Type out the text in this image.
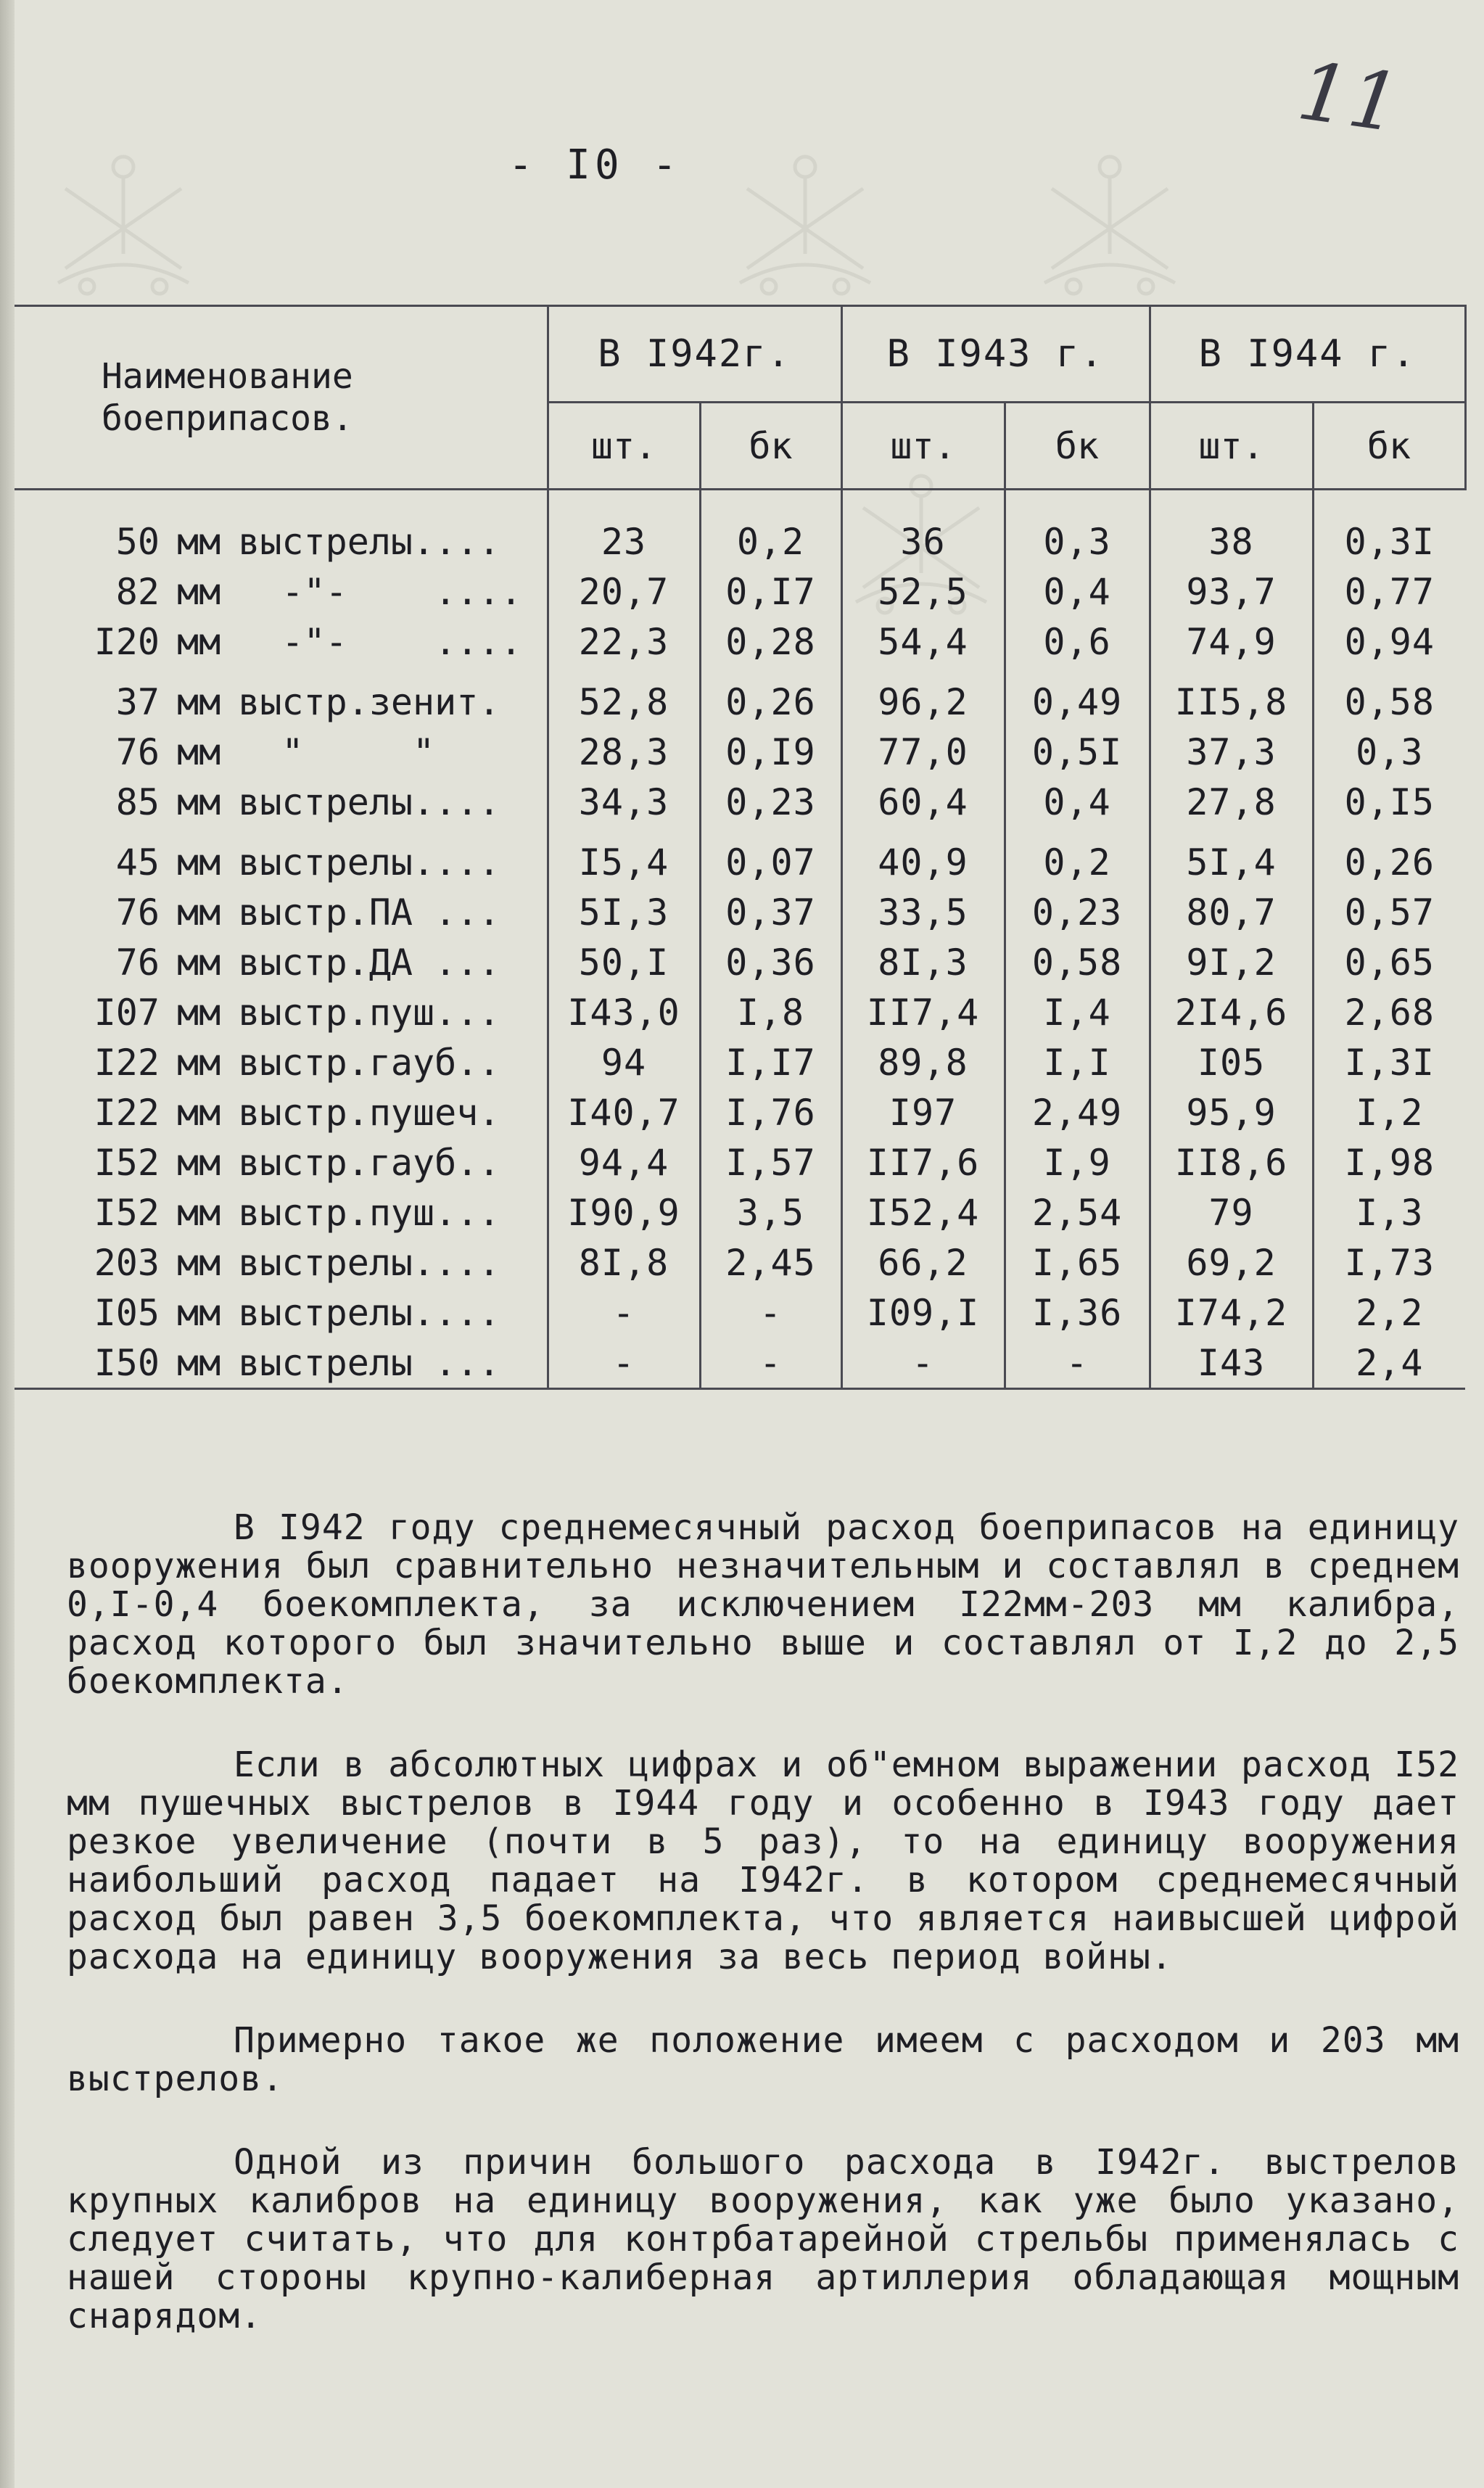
11
- I0 -
Наименование
боеприпасов.	В I942г.		В I943 г.		В I944 г.	
	шт.	бк	шт.	бк	шт.	бк
50 мм выстрелы....	23	0,2	36	0,3	38	0,3I
82 мм  -"-    ....	20,7	0,I7	52,5	0,4	93,7	0,77
I20 мм  -"-    ....	22,3	0,28	54,4	0,6	74,9	0,94
37 мм выстр.зенит.	52,8	0,26	96,2	0,49	II5,8	0,58
76 мм  "     "	28,3	0,I9	77,0	0,5I	37,3	0,3
85 мм выстрелы....	34,3	0,23	60,4	0,4	27,8	0,I5
45 мм выстрелы....	I5,4	0,07	40,9	0,2	5I,4	0,26
76 мм выстр.ПА ...	5I,3	0,37	33,5	0,23	80,7	0,57
76 мм выстр.ДА ...	50,I	0,36	8I,3	0,58	9I,2	0,65
I07 мм выстр.пуш...	I43,0	I,8	II7,4	I,4	2I4,6	2,68
I22 мм выстр.гауб..	94	I,I7	89,8	I,I	I05	I,3I
I22 мм выстр.пушеч.	I40,7	I,76	I97	2,49	95,9	I,2
I52 мм выстр.гауб..	94,4	I,57	II7,6	I,9	II8,6	I,98
I52 мм выстр.пуш...	I90,9	3,5	I52,4	2,54	79	I,3
203 мм выстрелы....	8I,8	2,45	66,2	I,65	69,2	I,73
I05 мм выстрелы....	-	-	I09,I	I,36	I74,2	2,2
I50 мм выстрелы ...	-	-	-	-	I43	2,4

В I942 году среднемесячный расход боеприпасов на единицу вооружения был сравнительно незначительным и составлял в среднем 0,I-0,4 боекомплекта, за исключением I22мм-203 мм калибра, расход которого был значительно выше и составлял от I,2 до 2,5 боекомплекта.

Если в абсолютных цифрах и об"емном выражении расход I52 мм пушечных выстрелов в I944 году и особенно в I943 году дает резкое увеличение (почти в 5 раз), то на единицу вооружения наибольший расход падает на I942г. в котором среднемесячный расход был равен 3,5 боекомплекта, что является наивысшей цифрой расхода на единицу вооружения за весь период войны.

Примерно такое же положение имеем с расходом и 203 мм выстрелов.

Одной из причин большого расхода в I942г. выстрелов крупных калибров на единицу вооружения, как уже было указано, следует считать, что для контрбатарейной стрельбы применялась с нашей стороны крупно-калиберная артиллерия обладающая мощным снарядом.
